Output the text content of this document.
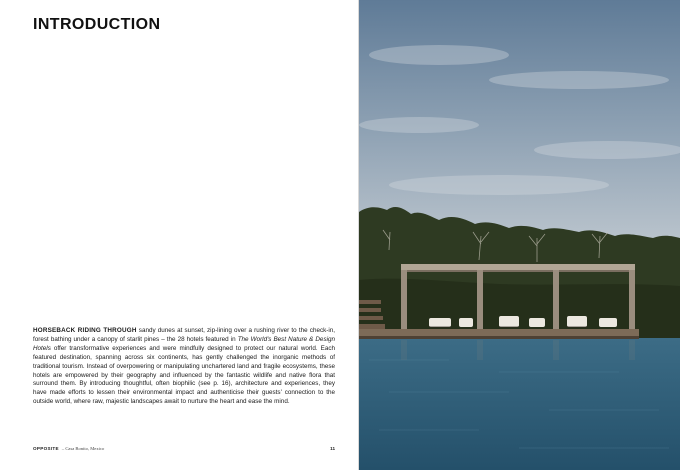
INTRODUCTION

HORSEBACK RIDING THROUGH sandy dunes at sunset, zip-lining over a rushing river to the check-in, forest bathing under a canopy of starlit pines – the 28 hotels featured in The World's Best Nature & Design Hotels offer transformative experiences and were mindfully designed to protect our natural world. Each featured destination, spanning across six continents, has gently challenged the inorganic methods of traditional tourism. Instead of overpowering or manipulating unchartered land and fragile ecosystems, these hotels are empowered by their geography and influenced by the fantastic wildlife and native flora that surround them. By introducing thoughtful, often biophilic (see p. 16), architecture and experiences, they have made efforts to lessen their environmental impact and authenticise their guests' connection to the outside world, where raw, majestic landscapes await to nurture the heart and ease the mind.

OPPOSITE – Casa Bonito, Mexico	11
